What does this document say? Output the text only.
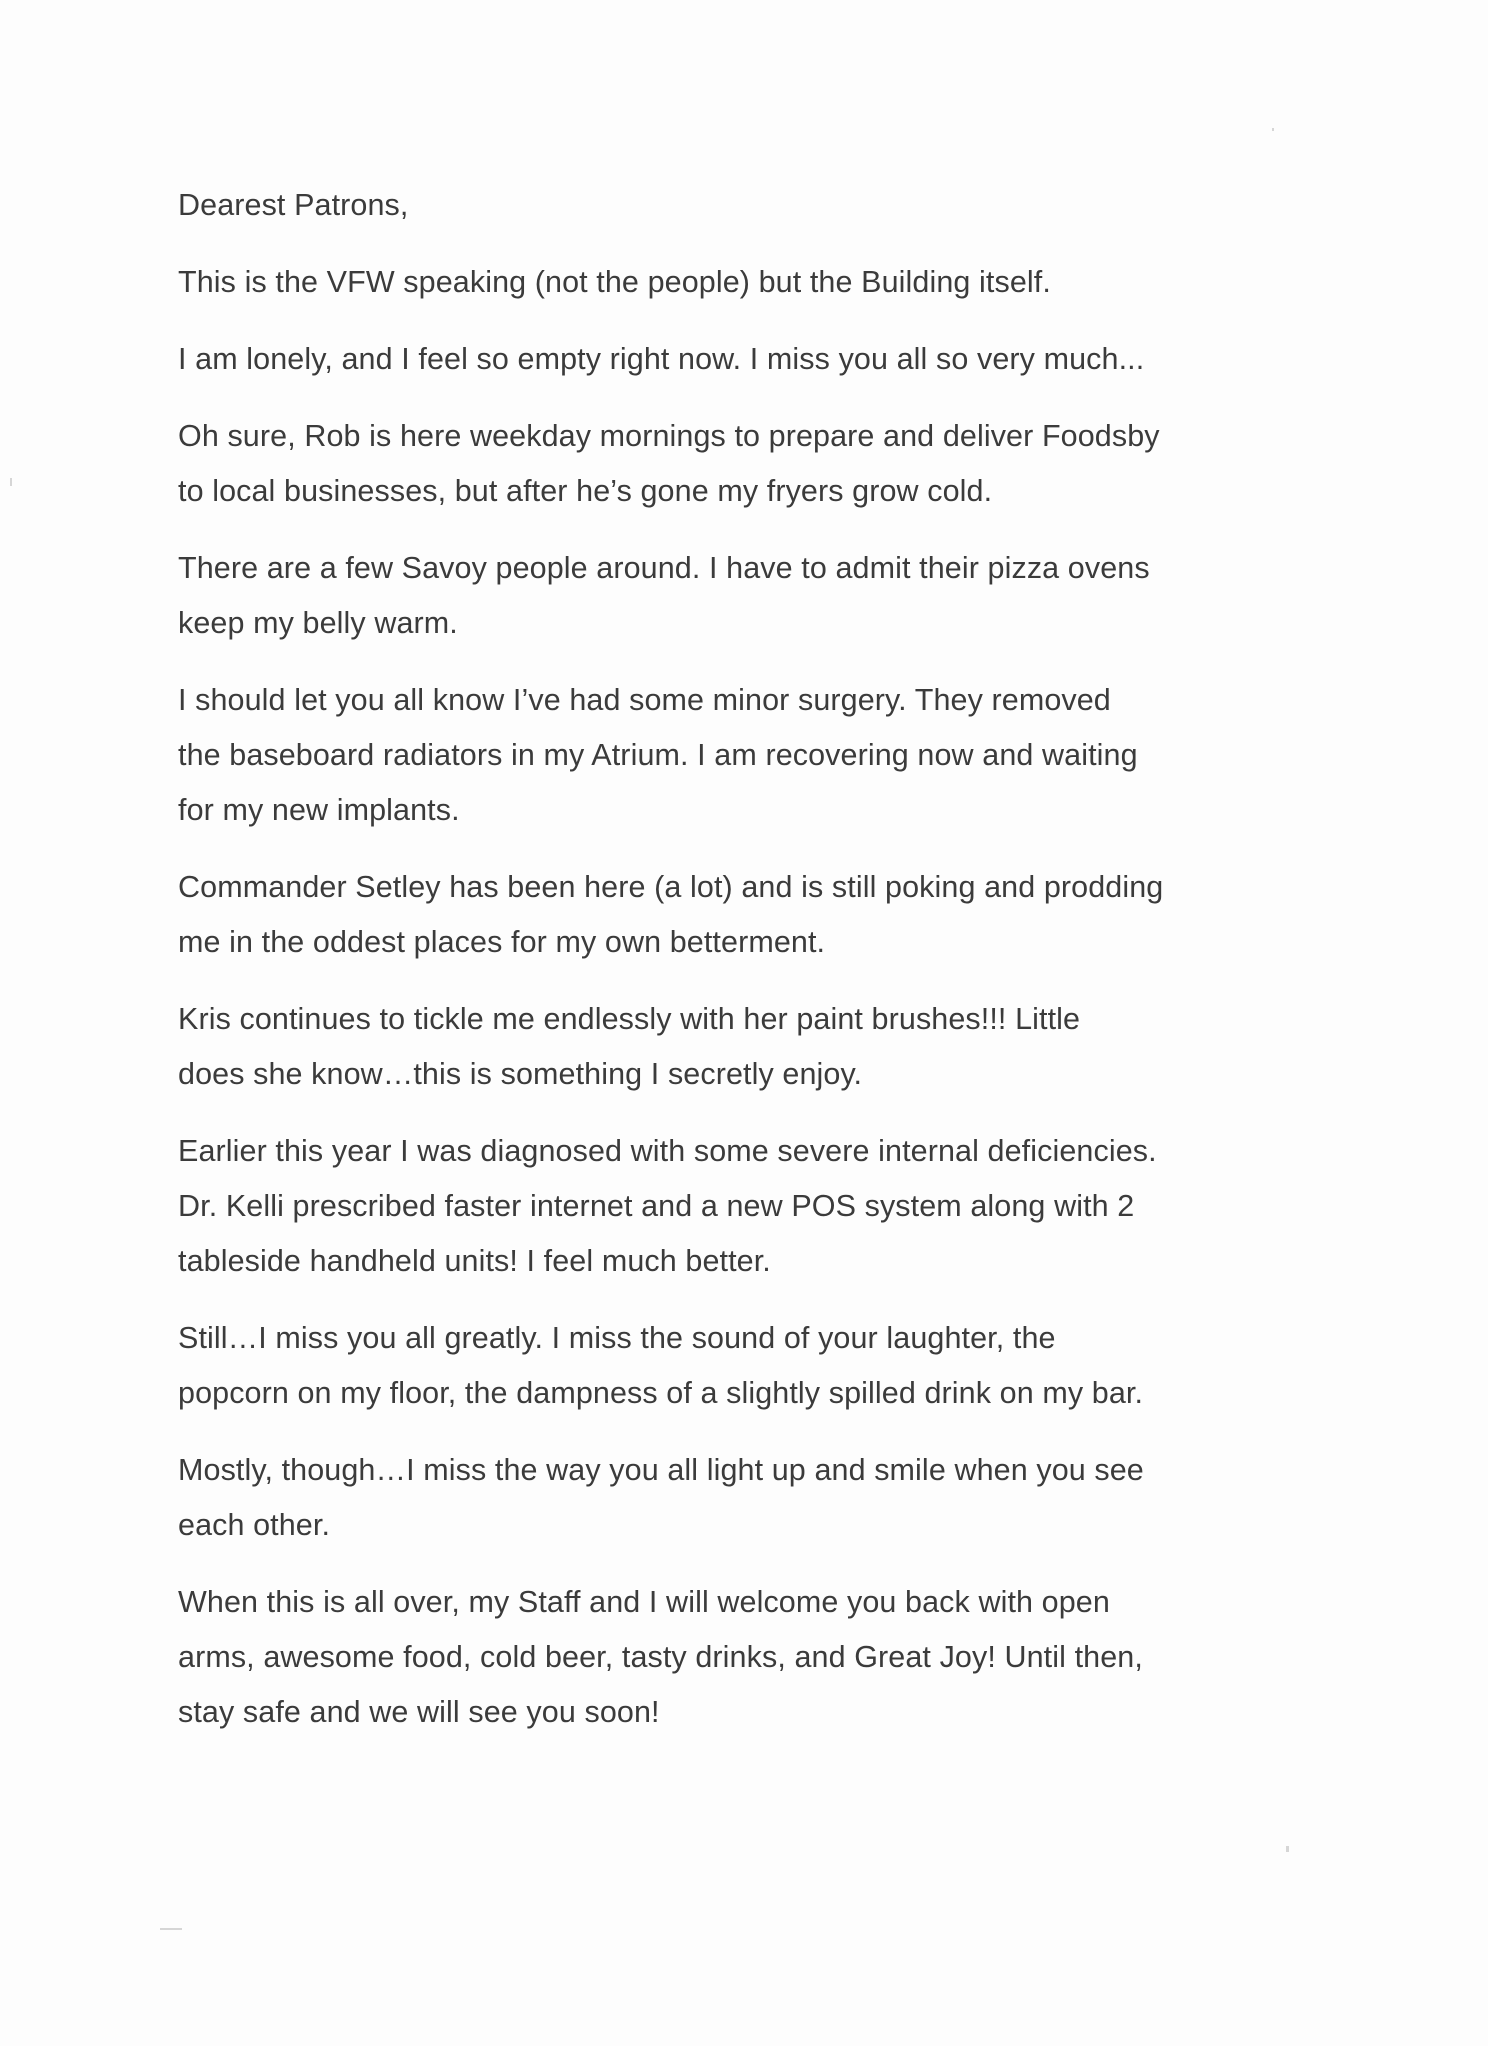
Dearest Patrons,

This is the VFW speaking (not the people) but the Building itself.

I am lonely, and I feel so empty right now. I miss you all so very much...

Oh sure, Rob is here weekday mornings to prepare and deliver Foodsby
to local businesses, but after he’s gone my fryers grow cold.

There are a few Savoy people around. I have to admit their pizza ovens
keep my belly warm.

I should let you all know I’ve had some minor surgery. They removed
the baseboard radiators in my Atrium. I am recovering now and waiting
for my new implants.

Commander Setley has been here (a lot) and is still poking and prodding
me in the oddest places for my own betterment.

Kris continues to tickle me endlessly with her paint brushes!!! Little
does she know…this is something I secretly enjoy.

Earlier this year I was diagnosed with some severe internal deficiencies.
Dr. Kelli prescribed faster internet and a new POS system along with 2
tableside handheld units! I feel much better.

Still…I miss you all greatly. I miss the sound of your laughter, the
popcorn on my floor, the dampness of a slightly spilled drink on my bar.

Mostly, though…I miss the way you all light up and smile when you see
each other.

When this is all over, my Staff and I will welcome you back with open
arms, awesome food, cold beer, tasty drinks, and Great Joy! Until then,
stay safe and we will see you soon!
